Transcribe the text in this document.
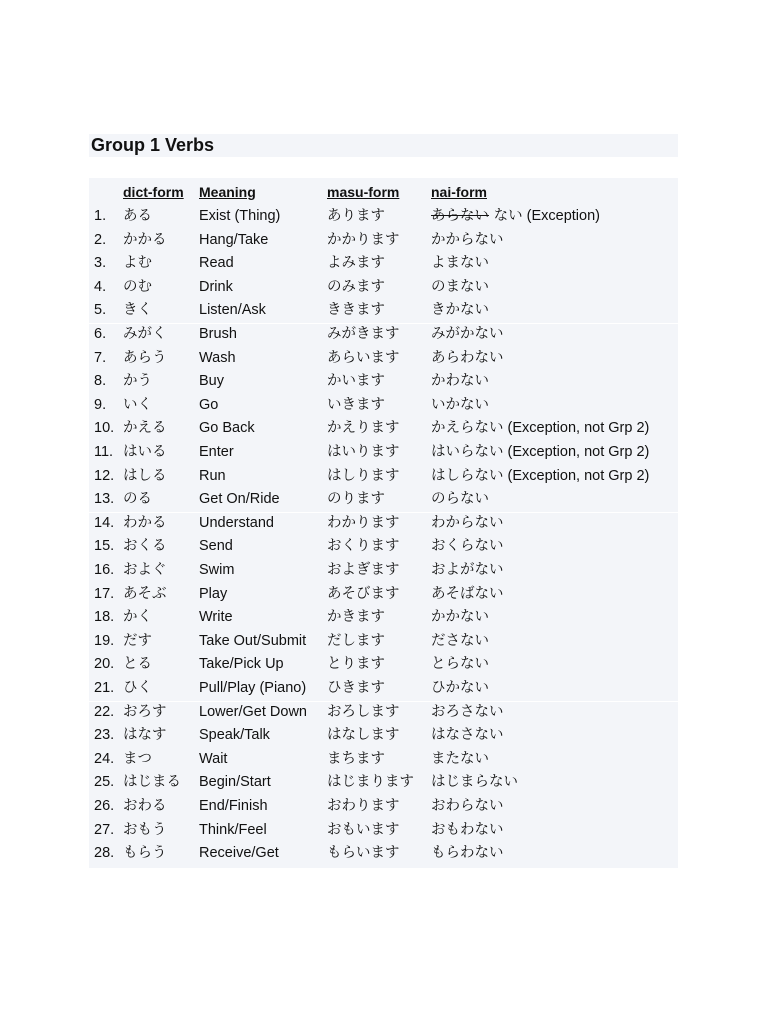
Group 1 Verbs
dict-form Meaning	masu-form nai-form
1. ある	Exist (Thing)	あります	あらない ない (Exception)
2. かかる Hang/Take	かかります かからない
3. よむ	Read	よみます	よまない
4. のむ	Drink	のみます	のまない
5. きく	Listen/Ask	ききます	きかない
6. みがく Brush	みがきます みがかない
7. あらう Wash	あらいます あらわない
8. かう	Buy	かいます	かわない
9. いく	Go	いきます	いかない
10. かえる Go Back	かえります かえらない (Exception, not Grp 2)
11. はいる Enter	はいります はいらない (Exception, not Grp 2)
12. はしる Run	はしります はしらない (Exception, not Grp 2)
13. のる	Get On/Ride	のります	のらない
14. わかる Understand	わかります わからない
15. おくる Send	おくります おくらない
16. およぐ Swim	およぎます およがない
17. あそぶ Play	あそびます あそばない
18. かく	Write	かきます	かかない
19. だす	Take Out/Submit だします	ださない
20. とる	Take/Pick Up	とります	とらない
21. ひく	Pull/Play (Piano) ひきます	ひかない
22. おろす Lower/Get Down おろします おろさない
23. はなす Speak/Talk	はなします はなさない
24. まつ	Wait	まちます	またない
25. はじまる Begin/Start	はじまります はじまらない
26. おわる End/Finish	おわります おわらない
27. おもう Think/Feel	おもいます おもわない
28. もらう Receive/Get	もらいます もらわない
